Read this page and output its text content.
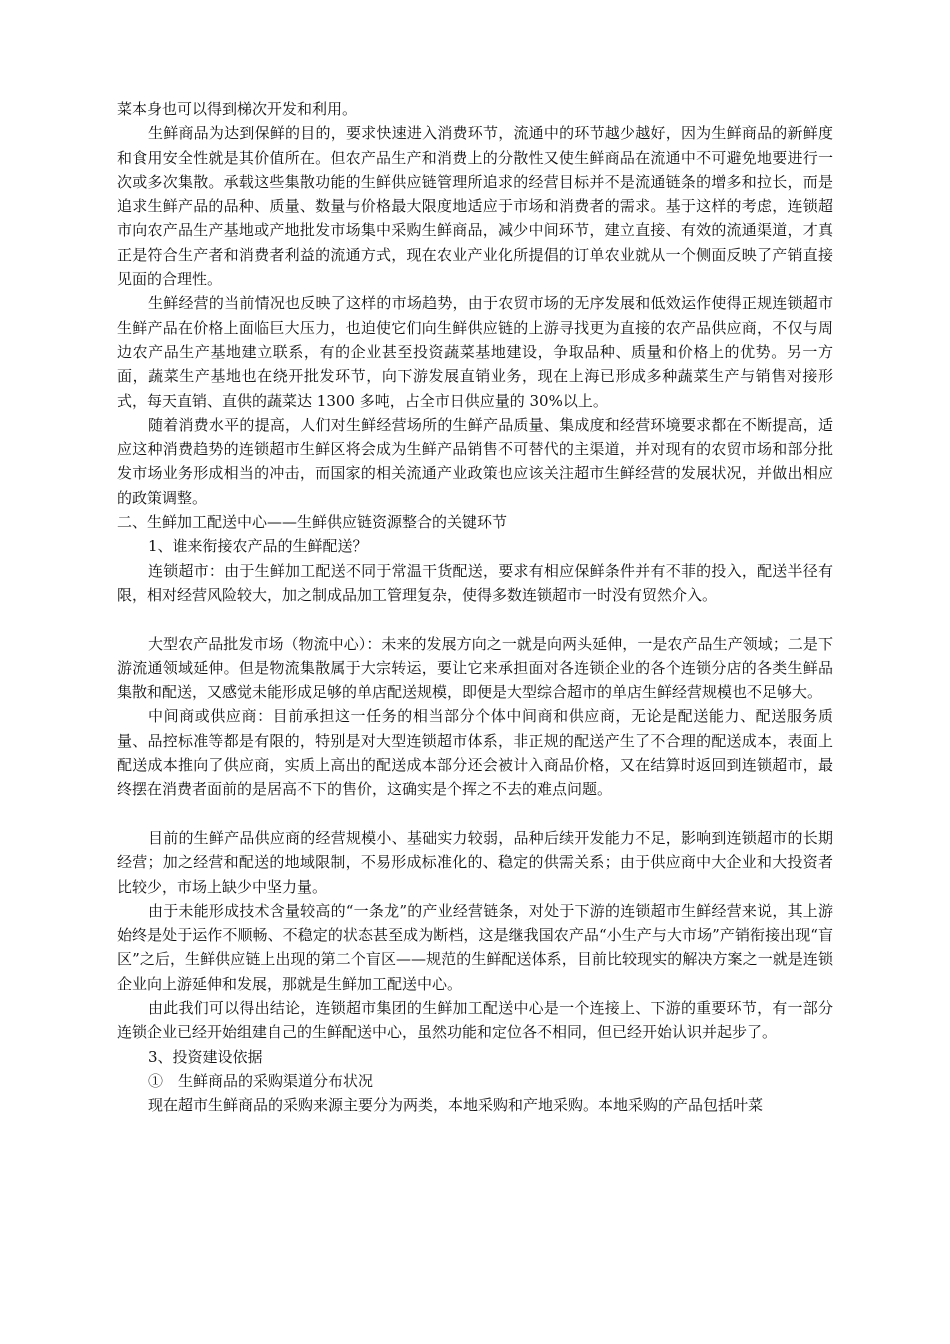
菜本身也可以得到梯次开发和利用。

生鲜商品为达到保鲜的目的，要求快速进入消费环节，流通中的环节越少越好，因为生鲜商品的新鲜度和食用安全性就是其价值所在。但农产品生产和消费上的分散性又使生鲜商品在流通中不可避免地要进行一次或多次集散。承载这些集散功能的生鲜供应链管理所追求的经营目标并不是流通链条的增多和拉长，而是追求生鲜产品的品种、质量、数量与价格最大限度地适应于市场和消费者的需求。基于这样的考虑，连锁超市向农产品生产基地或产地批发市场集中采购生鲜商品，减少中间环节，建立直接、有效的流通渠道，才真正是符合生产者和消费者利益的流通方式，现在农业产业化所提倡的订单农业就从一个侧面反映了产销直接见面的合理性。

生鲜经营的当前情况也反映了这样的市场趋势，由于农贸市场的无序发展和低效运作使得正规连锁超市生鲜产品在价格上面临巨大压力，也迫使它们向生鲜供应链的上游寻找更为直接的农产品供应商，不仅与周边农产品生产基地建立联系，有的企业甚至投资蔬菜基地建设，争取品种、质量和价格上的优势。另一方面，蔬菜生产基地也在绕开批发环节，向下游发展直销业务，现在上海已形成多种蔬菜生产与销售对接形式，每天直销、直供的蔬菜达 1300 多吨，占全市日供应量的 30%以上。

随着消费水平的提高，人们对生鲜经营场所的生鲜产品质量、集成度和经营环境要求都在不断提高，适应这种消费趋势的连锁超市生鲜区将会成为生鲜产品销售不可替代的主渠道，并对现有的农贸市场和部分批发市场业务形成相当的冲击，而国家的相关流通产业政策也应该关注超市生鲜经营的发展状况，并做出相应的政策调整。

二、生鲜加工配送中心——生鲜供应链资源整合的关键环节

1、谁来衔接农产品的生鲜配送？

连锁超市：由于生鲜加工配送不同于常温干货配送，要求有相应保鲜条件并有不菲的投入，配送半径有限，相对经营风险较大，加之制成品加工管理复杂，使得多数连锁超市一时没有贸然介入。

大型农产品批发市场（物流中心）：未来的发展方向之一就是向两头延伸，一是农产品生产领域；二是下游流通领域延伸。但是物流集散属于大宗转运，要让它来承担面对各连锁企业的各个连锁分店的各类生鲜品集散和配送，又感觉未能形成足够的单店配送规模，即便是大型综合超市的单店生鲜经营规模也不足够大。

中间商或供应商：目前承担这一任务的相当部分个体中间商和供应商，无论是配送能力、配送服务质量、品控标准等都是有限的，特别是对大型连锁超市体系，非正规的配送产生了不合理的配送成本，表面上配送成本推向了供应商，实质上高出的配送成本部分还会被计入商品价格，又在结算时返回到连锁超市，最终摆在消费者面前的是居高不下的售价，这确实是个挥之不去的难点问题。

目前的生鲜产品供应商的经营规模小、基础实力较弱，品种后续开发能力不足，影响到连锁超市的长期经营；加之经营和配送的地域限制，不易形成标准化的、稳定的供需关系；由于供应商中大企业和大投资者比较少，市场上缺少中坚力量。

由于未能形成技术含量较高的“一条龙”的产业经营链条，对处于下游的连锁超市生鲜经营来说，其上游始终是处于运作不顺畅、不稳定的状态甚至成为断档，这是继我国农产品“小生产与大市场”产销衔接出现“盲区”之后，生鲜供应链上出现的第二个盲区——规范的生鲜配送体系，目前比较现实的解决方案之一就是连锁企业向上游延伸和发展，那就是生鲜加工配送中心。

由此我们可以得出结论，连锁超市集团的生鲜加工配送中心是一个连接上、下游的重要环节，有一部分连锁企业已经开始组建自己的生鲜配送中心，虽然功能和定位各不相同，但已经开始认识并起步了。

3、投资建设依据

①　生鲜商品的采购渠道分布状况

现在超市生鲜商品的采购来源主要分为两类，本地采购和产地采购。本地采购的产品包括叶菜
